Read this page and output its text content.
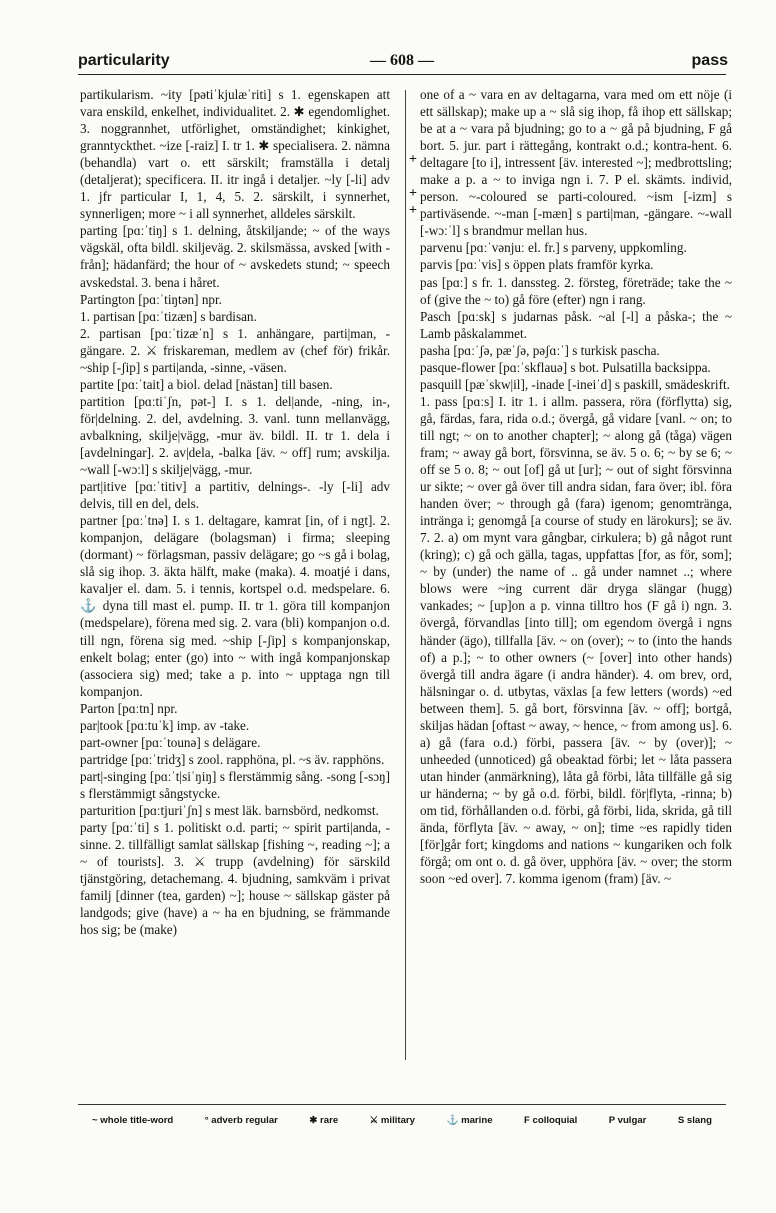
particularity	— 608 —	pass

partikularism. ~ity [pətiˈkjulæˈriti] s 1. egenskapen att vara enskild, enkelhet, individualitet. 2. ✱ egendomlighet. 3. noggrannhet, utförlighet, omständighet; kinkighet, granntyckthet. ~ize [-raiz] I. tr 1. ✱ specialisera. 2. nämna (behandla) vart o. ett särskilt; framställa i detalj (detaljerat); specificera. II. itr ingå i detaljer. ~ly [-li] adv 1. jfr particular I, 1, 4, 5. 2. särskilt, i synnerhet, synnerligen; more ~ i all synnerhet, alldeles särskilt.

parting [pɑːˈtiŋ] s 1. delning, åtskiljande; ~ of the ways vägskäl, ofta bildl. skiljeväg. 2. skilsmässa, avsked [with -från]; hädanfärd; the hour of ~ avskedets stund; ~ speech avskedstal. 3. bena i håret.

Partington [pɑːˈtiŋtən] npr.

1. partisan [pɑːˈtizæn] s bardisan.

2. partisan [pɑːˈtizæˈn] s 1. anhängare, parti|man, -gängare. 2. ⚔ friskareman, medlem av (chef för) frikår. ~ship [-ʃip] s parti|anda, -sinne, -väsen.

partite [pɑːˈtait] a biol. delad [nästan] till basen.

partition [pɑːtiˈʃn, pət-] I. s 1. del|ande, -ning, in-, för|delning. 2. del, avdelning. 3. vanl. tunn mellanvägg, avbalkning, skilje|vägg, -mur äv. bildl. II. tr 1. dela i [avdelningar]. 2. av|dela, -balka [äv. ~ off] rum; avskilja. ~wall [-wɔːl] s skilje|vägg, -mur.

part|itive [pɑːˈtitiv] a partitiv, delnings-. -ly [-li] adv delvis, till en del, dels.

partner [pɑːˈtnə] I. s 1. deltagare, kamrat [in, of i ngt]. 2. kompanjon, delägare (bolagsman) i firma; sleeping (dormant) ~ förlagsman, passiv delägare; go ~s gå i bolag, slå sig ihop. 3. äkta hälft, make (maka). 4. moatjé i dans, kavaljer el. dam. 5. i tennis, kortspel o.d. medspelare. 6. ⚓ dyna till mast el. pump. II. tr 1. göra till kompanjon (medspelare), förena med sig. 2. vara (bli) kompanjon o.d. till ngn, förena sig med. ~ship [-ʃip] s kompanjonskap, enkelt bolag; enter (go) into ~ with ingå kompanjonskap (associera sig) med; take a p. into ~ upptaga ngn till kompanjon.

Parton [pɑːtn] npr.

par|took [pɑːtuˈk] imp. av -take.

part-owner [pɑːˈtounə] s delägare.

partridge [pɑːˈtridʒ] s zool. rapphöna, pl. ~s äv. rapphöns.

part|-singing [pɑːˈt|siˈŋiŋ] s flerstämmig sång. -song [-sɔŋ] s flerstämmigt sångstycke.

parturition [pɑːtjuriˈʃn] s mest läk. barnsbörd, nedkomst.

party [pɑːˈti] s 1. politiskt o.d. parti; ~ spirit parti|anda, -sinne. 2. tillfälligt samlat sällskap [fishing ~, reading ~]; a ~ of tourists]. 3. ⚔ trupp (avdelning) för särskild tjänstgöring, detachemang. 4. bjudning, samkväm i privat familj [dinner (tea, garden) ~]; house ~ sällskap gäster på landgods; give (have) a ~ ha en bjudning, se främmande hos sig; be (make)

one of a ~ vara en av deltagarna, vara med om ett nöje (i ett sällskap); make up a ~ slå sig ihop, få ihop ett sällskap; be at a ~ vara på bjudning; go to a ~ gå på bjudning, F gå bort. 5. jur. part i rättegång, kontrakt o.d.; kontra-hent. 6. deltagare [to i], intressent [äv. interested ~]; medbrottsling; make a p. a ~ to inviga ngn i. 7. P el. skämts. individ, person. ~-coloured se parti-coloured. ~ism [-izm] s partiväsende. ~-man [-mæn] s parti|man, -gängare. ~-wall [-wɔːˈl] s brandmur mellan hus.

parvenu [pɑːˈvənjuː el. fr.] s parveny, uppkomling.

parvis [pɑːˈvis] s öppen plats framför kyrka.

pas [pɑː] s fr. 1. danssteg. 2. försteg, företräde; take the ~ of (give the ~ to) gå före (efter) ngn i rang.

Pasch [pɑːsk] s judarnas påsk. ~al [-l] a påska-; the ~ Lamb påskalammet.

pasha [pɑːˈʃə, pæˈʃə, pəʃɑːˈ] s turkisk pascha.

pasque-flower [pɑːˈskflauə] s bot. Pulsatilla backsippa.

pasquill [pæˈskw|il], -inade [-ineiˈd] s paskill, smädeskrift.

1. pass [pɑːs] I. itr 1. i allm. passera, röra (förflytta) sig, gå, färdas, fara, rida o.d.; övergå, gå vidare [vanl. ~ on; to till ngt; ~ on to another chapter]; ~ along gå (tåga) vägen fram; ~ away gå bort, försvinna, se äv. 5 o. 6; ~ by se 6; ~ off se 5 o. 8; ~ out [of] gå ut [ur]; ~ out of sight försvinna ur sikte; ~ over gå över till andra sidan, fara över; ibl. föra handen över; ~ through gå (fara) igenom; genomtränga, inträngа i; genomgå [a course of study en lärokurs]; se äv. 7. 2. a) om mynt vara gångbar, cirkulera; b) gå något runt (kring); c) gå och gälla, tagas, uppfattas [for, as för, som]; ~ by (under) the name of .. gå under namnet ..; where blows were ~ing current där dryga slängar (hugg) vankades; ~ [up]on a p. vinna tilltro hos (F gå i) ngn. 3. övergå, förvandlas [into till]; om egendom övergå i ngns händer (ägo), tillfalla [äv. ~ on (over); ~ to (into the hands of) a p.]; ~ to other owners (~ [over] into other hands) övergå till andra ägare (i andra händer). 4. om brev, ord, hälsningar o. d. utbytas, växlas [a few letters (words) ~ed between them]. 5. gå bort, försvinna [äv. ~ off]; bortgå, skiljas hädan [oftast ~ away, ~ hence, ~ from among us]. 6. a) gå (fara o.d.) förbi, passera [äv. ~ by (over)]; ~ unheeded (unnoticed) gå obeaktad förbi; let ~ låta passera utan hinder (anmärkning), låta gå förbi, låta tillfälle gå sig ur händerna; ~ by gå o.d. förbi, bildl. för|flyta, -rinna; b) om tid, förhållanden o.d. förbi, gå förbi, lida, skrida, gå till ända, förflyta [äv. ~ away, ~ on]; time ~es rapidly tiden [för]går fort; kingdoms and nations ~ kungariken och folk förgå; om ont o. d. gå över, upphöra [äv. ~ over; the storm soon ~ed over]. 7. komma igenom (fram) [äv. ~

+
+
+
~ whole title-word	° adverb regular	✱ rare	⚔ military	⚓ marine	F colloquial	P vulgar	S slang
